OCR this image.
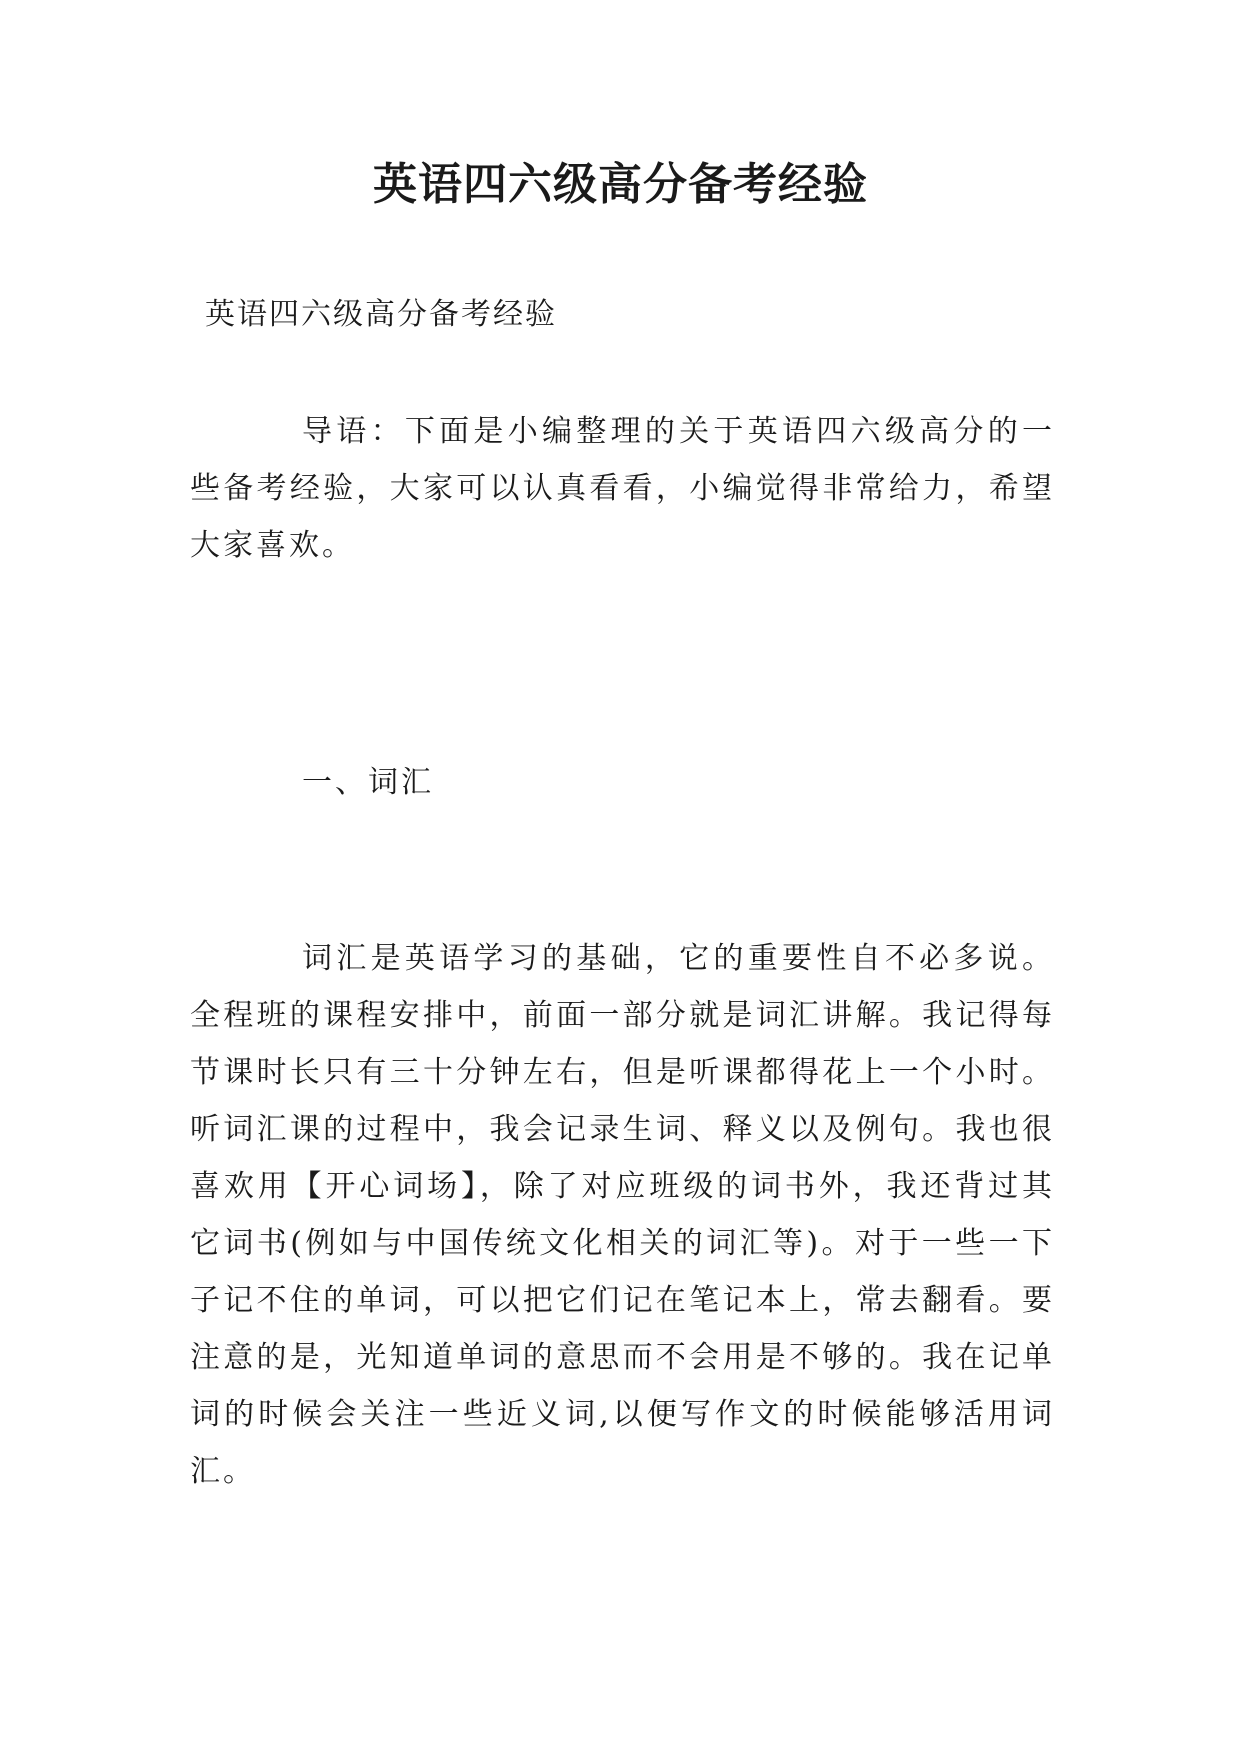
英语四六级高分备考经验
英语四六级高分备考经验

导语：下面是小编整理的关于英语四六级高分的一些备考经验，大家可以认真看看，小编觉得非常给力，希望大家喜欢。

一、词汇

词汇是英语学习的基础，它的重要性自不必多说。全程班的课程安排中，前面一部分就是词汇讲解。我记得每节课时长只有三十分钟左右，但是听课都得花上一个小时。听词汇课的过程中，我会记录生词、释义以及例句。我也很喜欢用【开心词场】，除了对应班级的词书外，我还背过其它词书(例如与中国传统文化相关的词汇等)。对于一些一下子记不住的单词，可以把它们记在笔记本上，常去翻看。要注意的是，光知道单词的意思而不会用是不够的。我在记单词的时候会关注一些近义词,以便写作文的时候能够活用词汇。
